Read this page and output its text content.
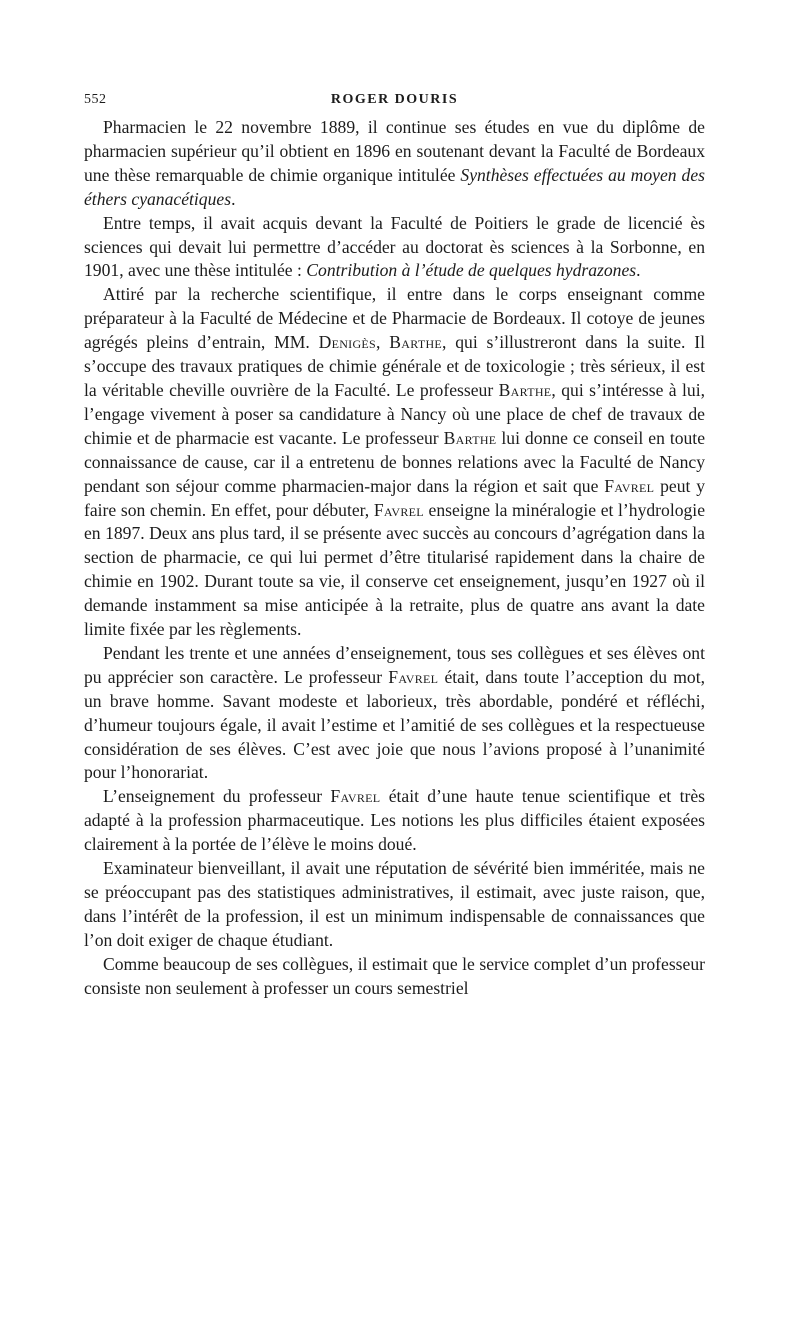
552	ROGER DOURIS

Pharmacien le 22 novembre 1889, il continue ses études en vue du diplôme de pharmacien supérieur qu’il obtient en 1896 en soutenant devant la Faculté de Bordeaux une thèse remarquable de chimie organique intitulée Synthèses effectuées au moyen des éthers cyanacétiques.

Entre temps, il avait acquis devant la Faculté de Poitiers le grade de licencié ès sciences qui devait lui permettre d’accéder au doctorat ès sciences à la Sorbonne, en 1901, avec une thèse intitulée : Contribution à l’étude de quelques hydrazones.

Attiré par la recherche scientifique, il entre dans le corps enseignant comme préparateur à la Faculté de Médecine et de Pharmacie de Bordeaux. Il cotoye de jeunes agrégés pleins d’entrain, MM. Denigès, Barthe, qui s’illustreront dans la suite. Il s’occupe des travaux pratiques de chimie générale et de toxicologie ; très sérieux, il est la véritable cheville ouvrière de la Faculté. Le professeur Barthe, qui s’intéresse à lui, l’engage vivement à poser sa candidature à Nancy où une place de chef de travaux de chimie et de pharmacie est vacante. Le professeur Barthe lui donne ce conseil en toute connaissance de cause, car il a entretenu de bonnes relations avec la Faculté de Nancy pendant son séjour comme pharmacien-major dans la région et sait que Favrel peut y faire son chemin. En effet, pour débuter, Favrel enseigne la minéralogie et l’hydrologie en 1897. Deux ans plus tard, il se présente avec succès au concours d’agrégation dans la section de pharmacie, ce qui lui permet d’être titularisé rapidement dans la chaire de chimie en 1902. Durant toute sa vie, il conserve cet enseignement, jusqu’en 1927 où il demande instamment sa mise anticipée à la retraite, plus de quatre ans avant la date limite fixée par les règlements.

Pendant les trente et une années d’enseignement, tous ses collègues et ses élèves ont pu apprécier son caractère. Le professeur Favrel était, dans toute l’acception du mot, un brave homme. Savant modeste et laborieux, très abordable, pondéré et réfléchi, d’humeur toujours égale, il avait l’estime et l’amitié de ses collègues et la respectueuse considération de ses élèves. C’est avec joie que nous l’avions proposé à l’unanimité pour l’honorariat.

L’enseignement du professeur Favrel était d’une haute tenue scientifique et très adapté à la profession pharmaceutique. Les notions les plus difficiles étaient exposées clairement à la portée de l’élève le moins doué.

Examinateur bienveillant, il avait une réputation de sévérité bien imméritée, mais ne se préoccupant pas des statistiques administratives, il estimait, avec juste raison, que, dans l’intérêt de la profession, il est un minimum indispensable de connaissances que l’on doit exiger de chaque étudiant.

Comme beaucoup de ses collègues, il estimait que le service complet d’un professeur consiste non seulement à professer un cours semestriel
